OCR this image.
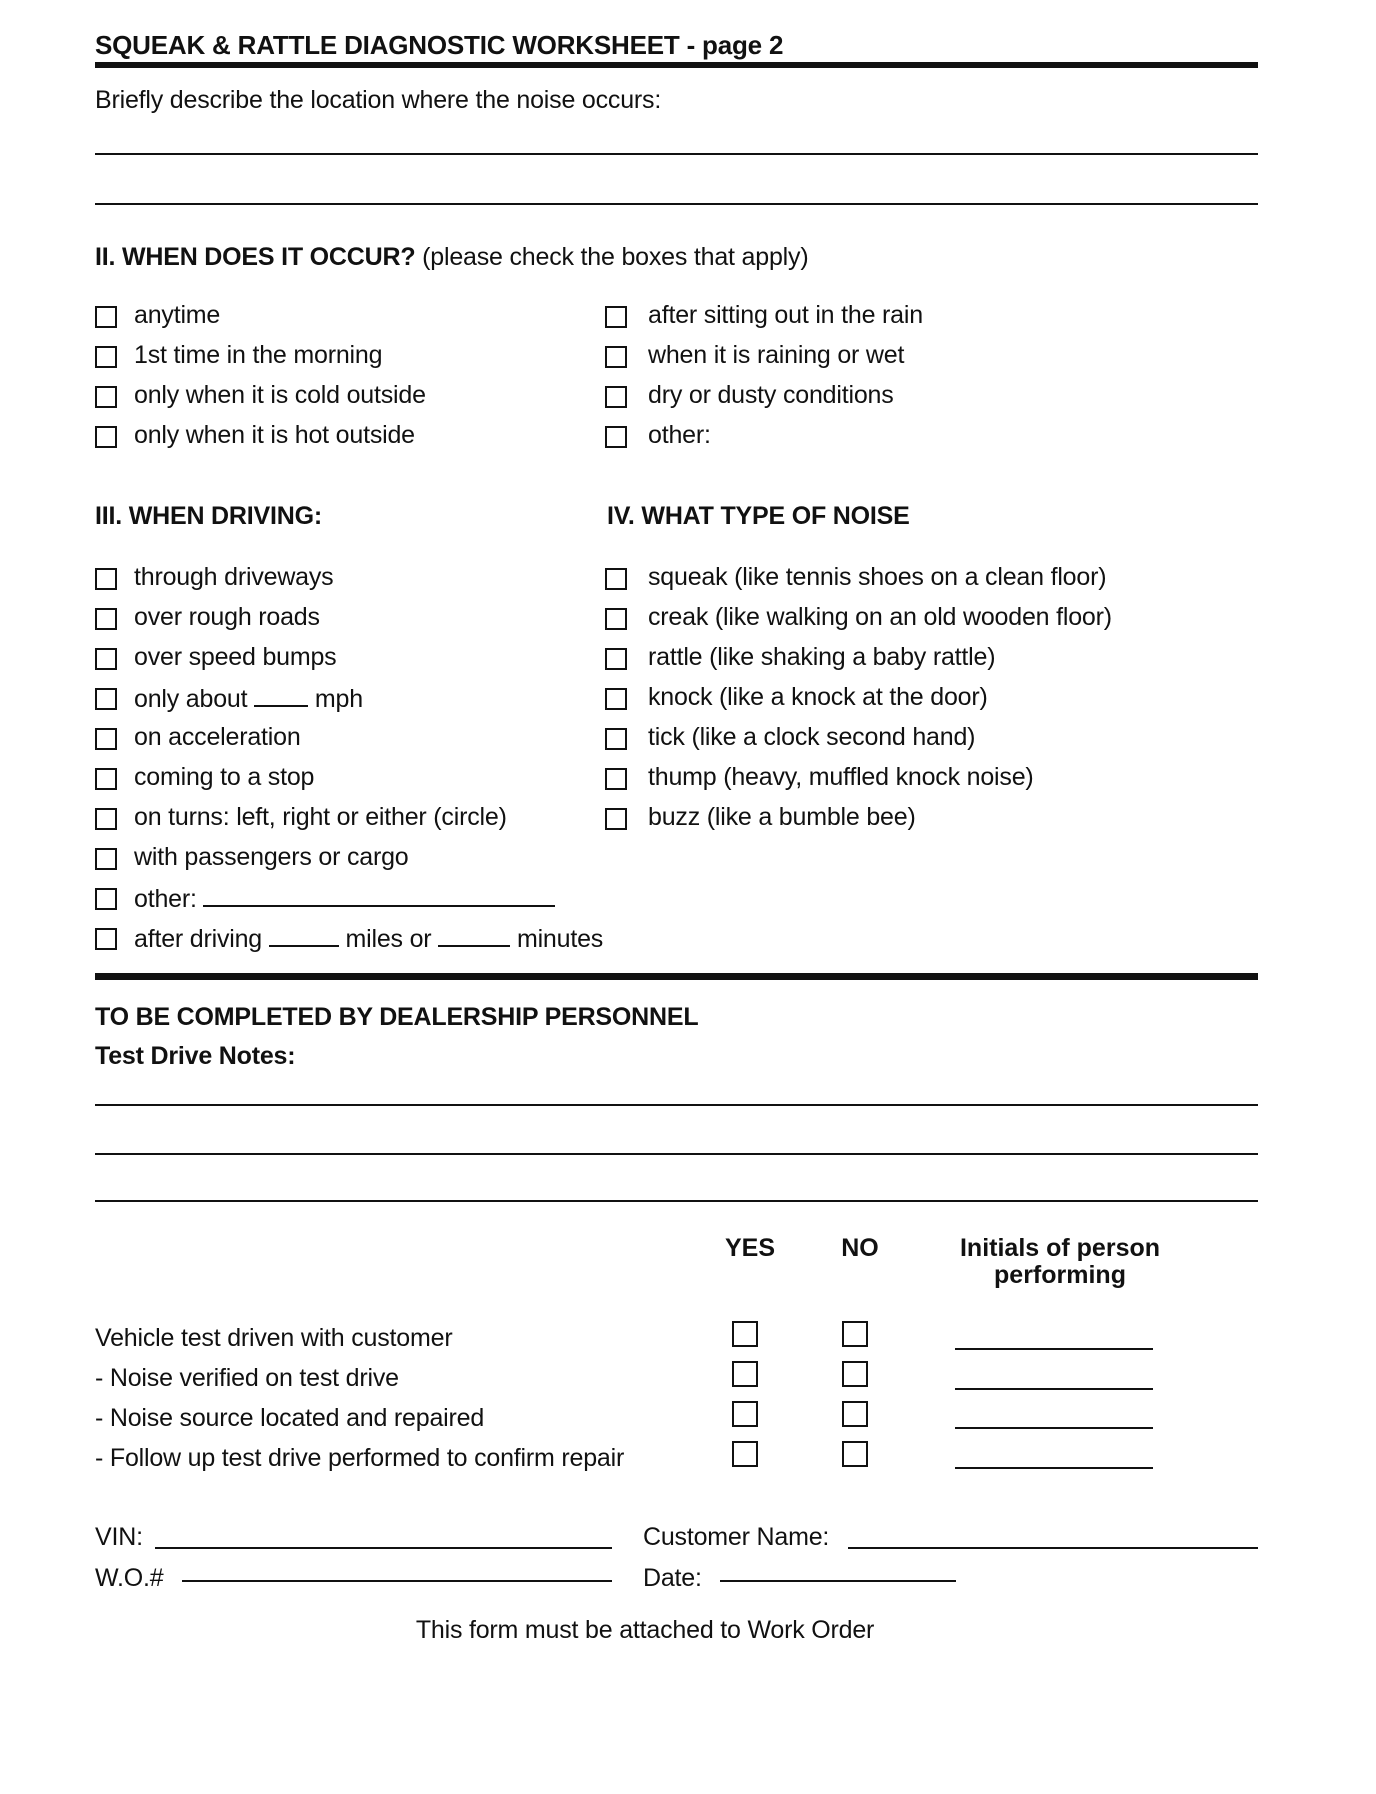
SQUEAK & RATTLE DIAGNOSTIC WORKSHEET - page 2
Briefly describe the location where the noise occurs:
II. WHEN DOES IT OCCUR? (please check the boxes that apply)
anytime
1st time in the morning
only when it is cold outside
only when it is hot outside
after sitting out in the rain
when it is raining or wet
dry or dusty conditions
other:
III. WHEN DRIVING:	IV. WHAT TYPE OF NOISE
through driveways
over rough roads
over speed bumps
only about	mph
on acceleration
coming to a stop
on turns: left, right or either (circle)
with passengers or cargo
other:
after driving	miles or	minutes
squeak (like tennis shoes on a clean floor)
creak (like walking on an old wooden floor)
rattle (like shaking a baby rattle)
knock (like a knock at the door)
tick (like a clock second hand)
thump (heavy, muffled knock noise)
buzz (like a bumble bee)
TO BE COMPLETED BY DEALERSHIP PERSONNEL
Test Drive Notes:
YES	NO	Initials of person
performing
Vehicle test driven with customer
- Noise verified on test drive
- Noise source located and repaired
- Follow up test drive performed to confirm repair
VIN:	Customer Name:
W.O.#	Date:
This form must be attached to Work Order
